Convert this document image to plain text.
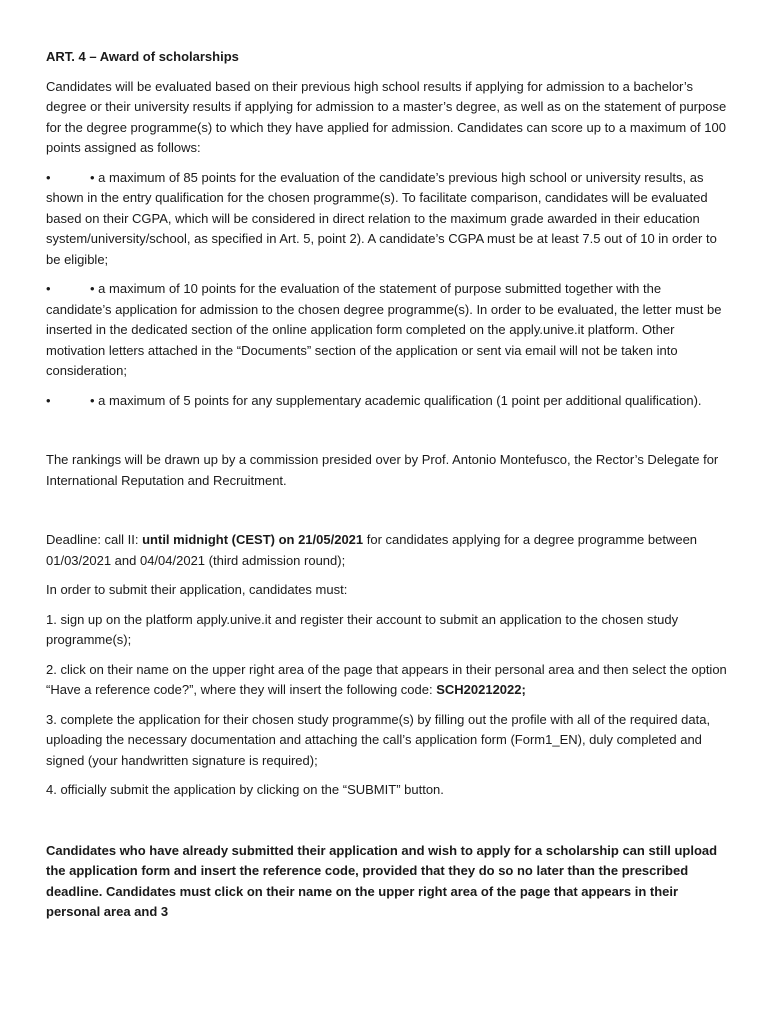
ART. 4 – Award of scholarships

Candidates will be evaluated based on their previous high school results if applying for admission to a bachelor’s degree or their university results if applying for admission to a master’s degree, as well as on the statement of purpose for the degree programme(s) to which they have applied for admission. Candidates can score up to a maximum of 100 points assigned as follows:

•	• a maximum of 85 points for the evaluation of the candidate’s previous high school or university results, as shown in the entry qualification for the chosen programme(s). To facilitate comparison, candidates will be evaluated based on their CGPA, which will be considered in direct relation to the maximum grade awarded in their education system/university/school, as specified in Art. 5, point 2). A candidate’s CGPA must be at least 7.5 out of 10 in order to be eligible;

•	• a maximum of 10 points for the evaluation of the statement of purpose submitted together with the candidate’s application for admission to the chosen degree programme(s). In order to be evaluated, the letter must be inserted in the dedicated section of the online application form completed on the apply.unive.it platform. Other motivation letters attached in the “Documents” section of the application or sent via email will not be taken into consideration;

•	• a maximum of 5 points for any supplementary academic qualification (1 point per additional qualification).

The rankings will be drawn up by a commission presided over by Prof. Antonio Montefusco, the Rector’s Delegate for International Reputation and Recruitment.

Deadline: call II: until midnight (CEST) on 21/05/2021 for candidates applying for a degree programme between 01/03/2021 and 04/04/2021 (third admission round);

In order to submit their application, candidates must:

1. sign up on the platform apply.unive.it and register their account to submit an application to the chosen study programme(s);

2. click on their name on the upper right area of the page that appears in their personal area and then select the option “Have a reference code?”, where they will insert the following code: SCH20212022;

3. complete the application for their chosen study programme(s) by filling out the profile with all of the required data, uploading the necessary documentation and attaching the call’s application form (Form1_EN), duly completed and signed (your handwritten signature is required);

4. officially submit the application by clicking on the “SUBMIT” button.

Candidates who have already submitted their application and wish to apply for a scholarship can still upload the application form and insert the reference code, provided that they do so no later than the prescribed deadline. Candidates must click on their name on the upper right area of the page that appears in their personal area and 3
